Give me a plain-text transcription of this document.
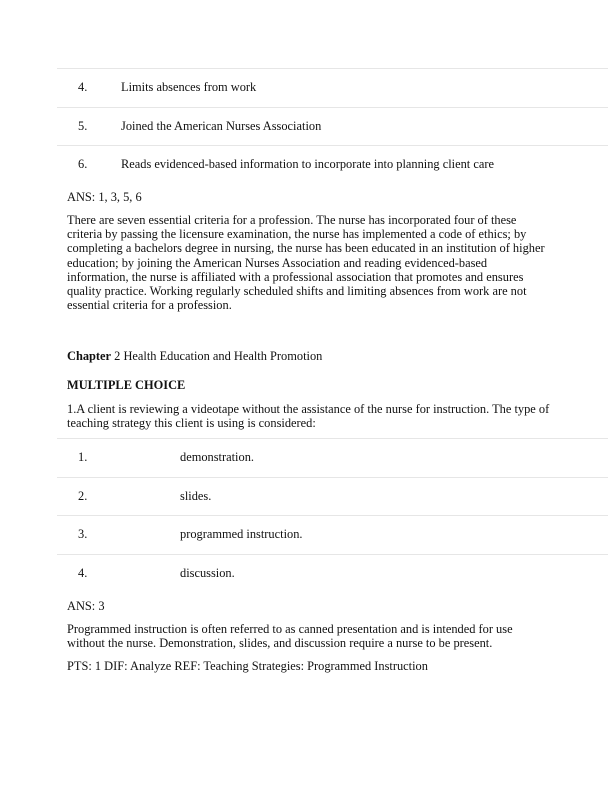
4.	Limits absences from work
5.	Joined the American Nurses Association
6.	Reads evidenced-based information to incorporate into planning client care

ANS: 1, 3, 5, 6

There are seven essential criteria for a profession. The nurse has incorporated four of these criteria by passing the licensure examination, the nurse has implemented a code of ethics; by completing a bachelors degree in nursing, the nurse has been educated in an institution of higher education; by joining the American Nurses Association and reading evidenced-based information, the nurse is affiliated with a professional association that promotes and ensures quality practice. Working regularly scheduled shifts and limiting absences from work are not essential criteria for a profession.

Chapter 2 Health Education and Health Promotion

MULTIPLE CHOICE

1.A client is reviewing a videotape without the assistance of the nurse for instruction. The type of teaching strategy this client is using is considered:

1.	demonstration.
2.	slides.
3.	programmed instruction.
4.	discussion.

ANS: 3

Programmed instruction is often referred to as canned presentation and is intended for use without the nurse. Demonstration, slides, and discussion require a nurse to be present.

PTS: 1 DIF: Analyze REF: Teaching Strategies: Programmed Instruction
